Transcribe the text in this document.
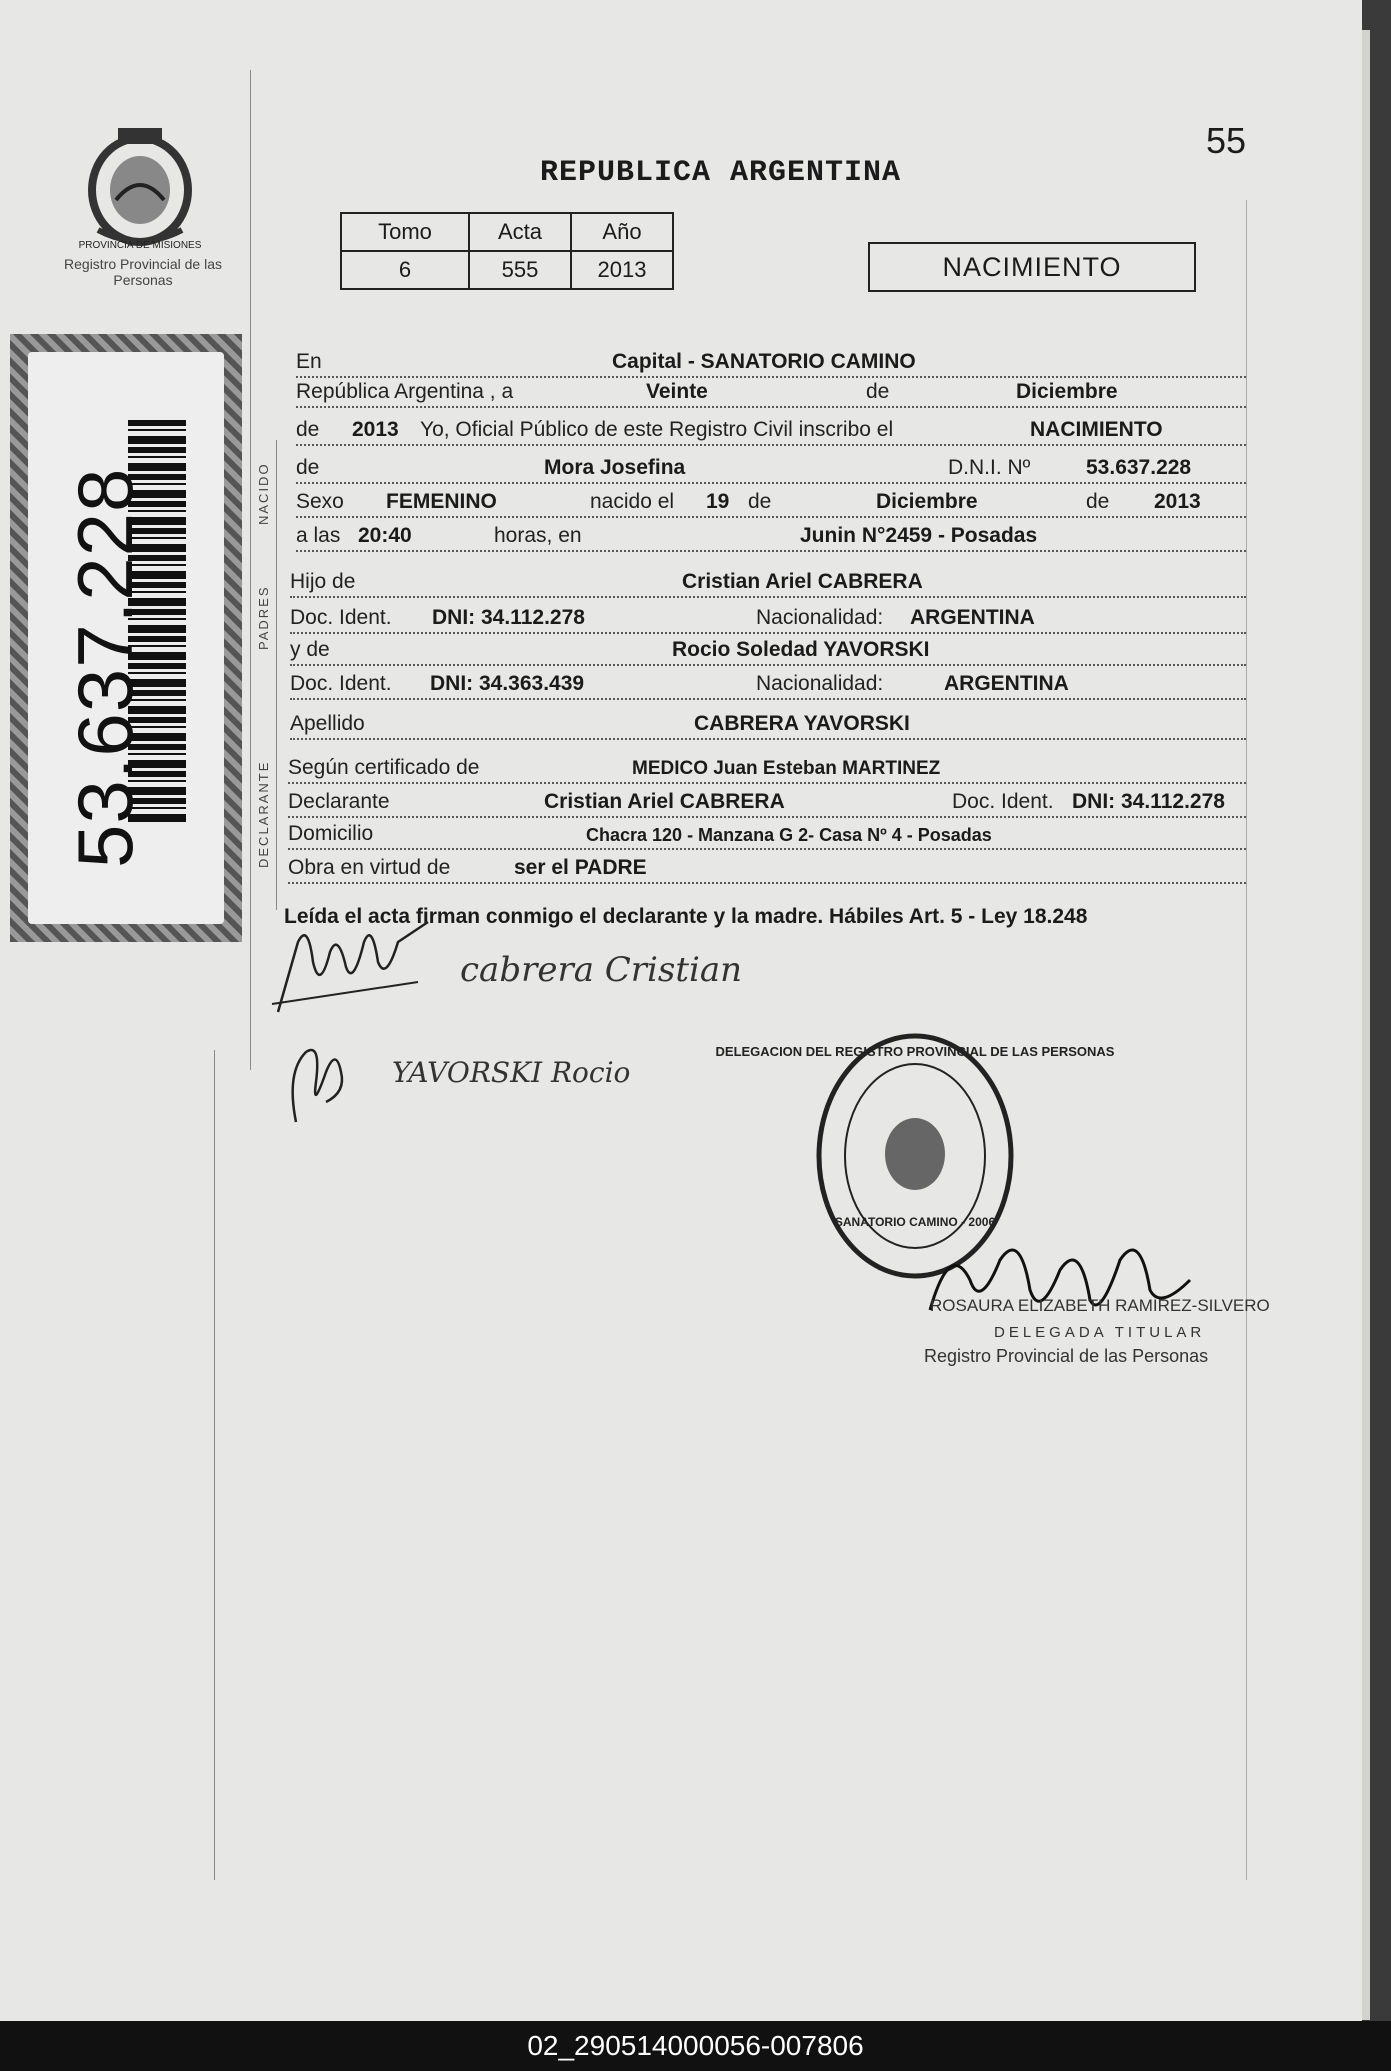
PROVINCIA DE MISIONES
Registro Provincial de las Personas
53.637.228
55
REPUBLICA ARGENTINA
Tomo	Acta	Año
6	555	2013	NACIMIENTO
NACIDO
PADRES
DECLARANTE
En	Capital - SANATORIO CAMINO
República Argentina , a	Veinte	de	Diciembre
de 2013 Yo, Oficial Público de este Registro Civil inscribo el	NACIMIENTO
de	Mora Josefina	D.N.I. Nº	53.637.228
Sexo FEMENINO	nacido el 19 de	Diciembre	de 2013
a las 20:40	horas, en	Junin N°2459 - Posadas
Hijo de	Cristian Ariel CABRERA
Doc. Ident. DNI: 34.112.278	Nacionalidad: ARGENTINA
y de	Rocio Soledad YAVORSKI
Doc. Ident. DNI: 34.363.439	Nacionalidad:	ARGENTINA
Apellido	CABRERA YAVORSKI
Según certificado de	MEDICO Juan Esteban MARTINEZ
Declarante	Cristian Ariel CABRERA	Doc. Ident. DNI: 34.112.278
Domicilio	Chacra 120 - Manzana G 2- Casa Nº 4 - Posadas
Obra en virtud de	ser el PADRE
Leída el acta firman conmigo el declarante y la madre. Hábiles Art. 5 - Ley 18.248
cabrera Cristian
YAVORSKI Rocio
DELEGACION DEL REGISTRO PROVINCIAL DE LAS PERSONAS
SANATORIO CAMINO - 2006
ROSAURA ELIZABETH RAMIREZ-SILVERO
DELEGADA TITULAR
Registro Provincial de las Personas
02_290514000056-007806
